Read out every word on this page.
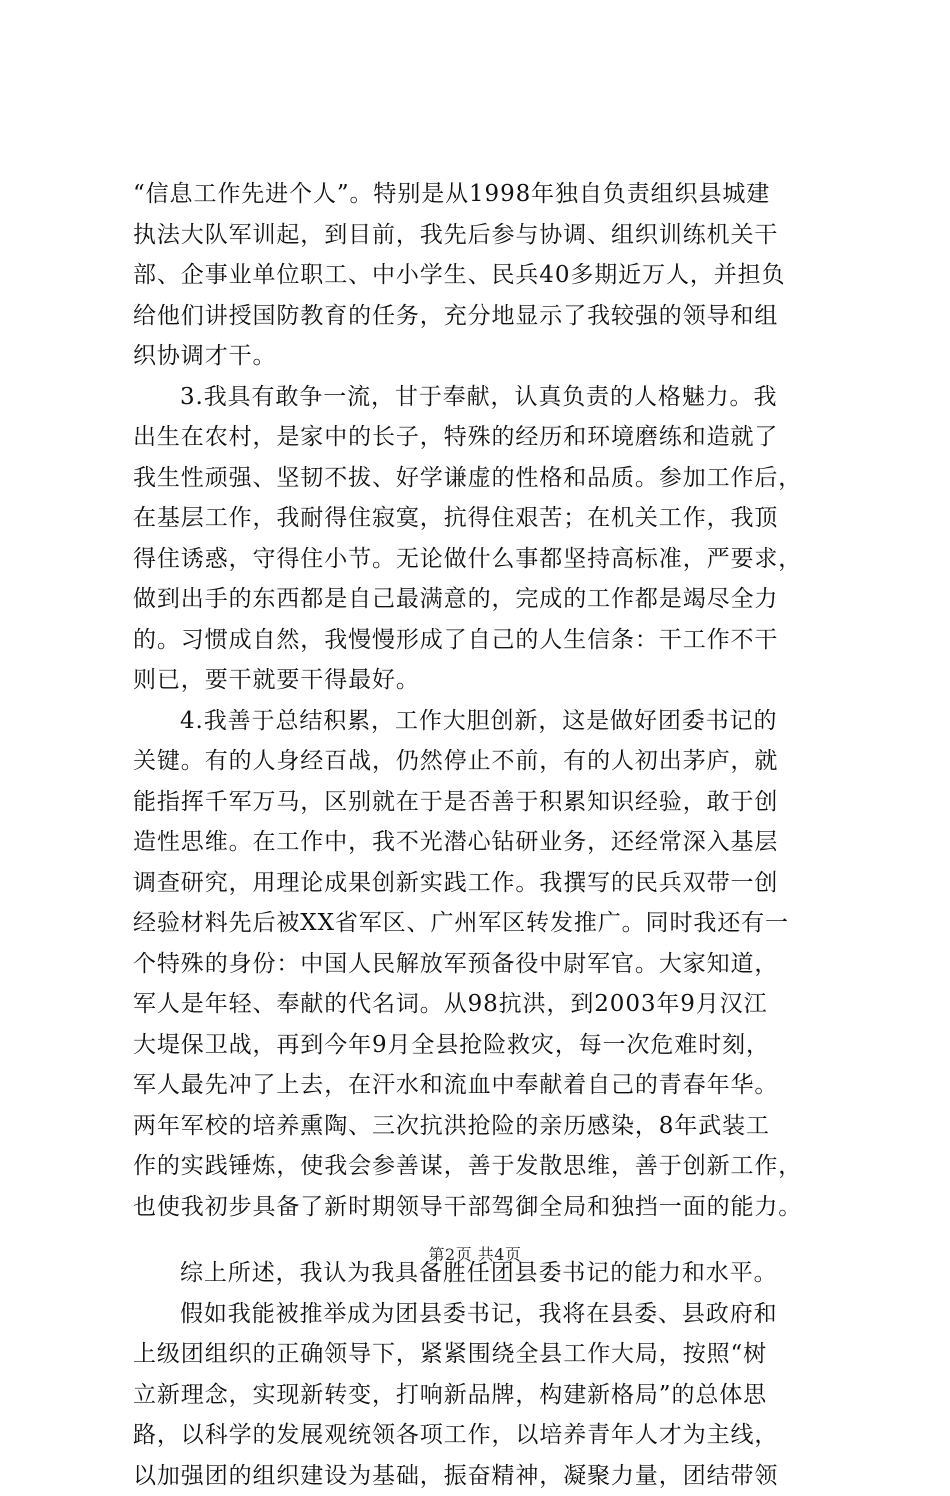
“信息工作先进个人”。特别是从1998年独自负责组织县城建
执法大队军训起，到目前，我先后参与协调、组织训练机关干
部、企事业单位职工、中小学生、民兵40多期近万人，并担负
给他们讲授国防教育的任务，充分地显示了我较强的领导和组
织协调才干。
3.我具有敢争一流，甘于奉献，认真负责的人格魅力。我
出生在农村，是家中的长子，特殊的经历和环境磨练和造就了
我生性顽强、坚韧不拔、好学谦虚的性格和品质。参加工作后，
在基层工作，我耐得住寂寞，抗得住艰苦；在机关工作，我顶
得住诱惑，守得住小节。无论做什么事都坚持高标准，严要求，
做到出手的东西都是自己最满意的，完成的工作都是竭尽全力
的。习惯成自然，我慢慢形成了自己的人生信条：干工作不干
则已，要干就要干得最好。
4.我善于总结积累，工作大胆创新，这是做好团委书记的
关键。有的人身经百战，仍然停止不前，有的人初出茅庐，就
能指挥千军万马，区别就在于是否善于积累知识经验，敢于创
造性思维。在工作中，我不光潜心钻研业务，还经常深入基层
调查研究，用理论成果创新实践工作。我撰写的民兵双带一创
经验材料先后被XX省军区、广州军区转发推广。同时我还有一
个特殊的身份：中国人民解放军预备役中尉军官。大家知道，
军人是年轻、奉献的代名词。从98抗洪，到2003年9月汉江
大堤保卫战，再到今年9月全县抢险救灾，每一次危难时刻，
军人最先冲了上去，在汗水和流血中奉献着自己的青春年华。
两年军校的培养熏陶、三次抗洪抢险的亲历感染，8年武装工
作的实践锤炼，使我会参善谋，善于发散思维，善于创新工作，
也使我初步具备了新时期领导干部驾御全局和独挡一面的能力。
综上所述，我认为我具备胜任团县委书记的能力和水平。
假如我能被推举成为团县委书记，我将在县委、县政府和
上级团组织的正确领导下，紧紧围绕全县工作大局，按照“树
立新理念，实现新转变，打响新品牌，构建新格局”的总体思
路，以科学的发展观统领各项工作，以培养青年人才为主线，
以加强团的组织建设为基础，振奋精神，凝聚力量，团结带领
第2页 共4页
